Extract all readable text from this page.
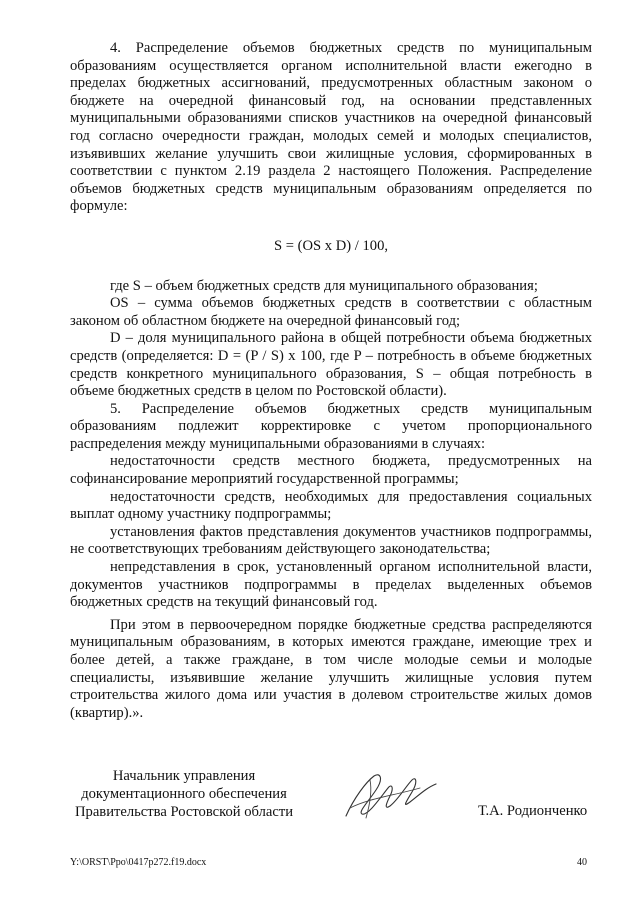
4. Распределение объемов бюджетных средств по муниципальным образованиям осуществляется органом исполнительной власти ежегодно в пределах бюджетных ассигнований, предусмотренных областным законом о бюджете на очередной финансовый год, на основании представленных муниципальными образованиями списков участников на очередной финансовый год согласно очередности граждан, молодых семей и молодых специалистов, изъявивших желание улучшить свои жилищные условия, сформированных в соответствии с пунктом 2.19 раздела 2 настоящего Положения. Распределение объемов бюджетных средств муниципальным образованиям определяется по формуле:

S = (OS x D) / 100,

где S – объем бюджетных средств для муниципального образования;

OS – сумма объемов бюджетных средств в соответствии с областным законом об областном бюджете на очередной финансовый год;

D – доля муниципального района в общей потребности объема бюджетных средств (определяется: D = (P / S) x 100, где P – потребность в объеме бюджетных средств конкретного муниципального образования, S – общая потребность в объеме бюджетных средств в целом по Ростовской области).

5. Распределение объемов бюджетных средств муниципальным образованиям подлежит корректировке с учетом пропорционального распределения между муниципальными образованиями в случаях:

недостаточности средств местного бюджета, предусмотренных на софинансирование мероприятий государственной программы;

недостаточности средств, необходимых для предоставления социальных выплат одному участнику подпрограммы;

установления фактов представления документов участников подпрограммы, не соответствующих требованиям действующего законодательства;

непредставления в срок, установленный органом исполнительной власти, документов участников подпрограммы в пределах выделенных объемов бюджетных средств на текущий финансовый год.

При этом в первоочередном порядке бюджетные средства распределяются муниципальным образованиям, в которых имеются граждане, имеющие трех и более детей, а также граждане, в том числе молодые семьи и молодые специалисты, изъявившие желание улучшить жилищные условия путем строительства жилого дома или участия в долевом строительстве жилых домов (квартир).».

Начальник управления
документационного обеспечения
Правительства Ростовской области	Т.А. Родионченко
Y:\ORST\Ppo\0417p272.f19.docx	40
